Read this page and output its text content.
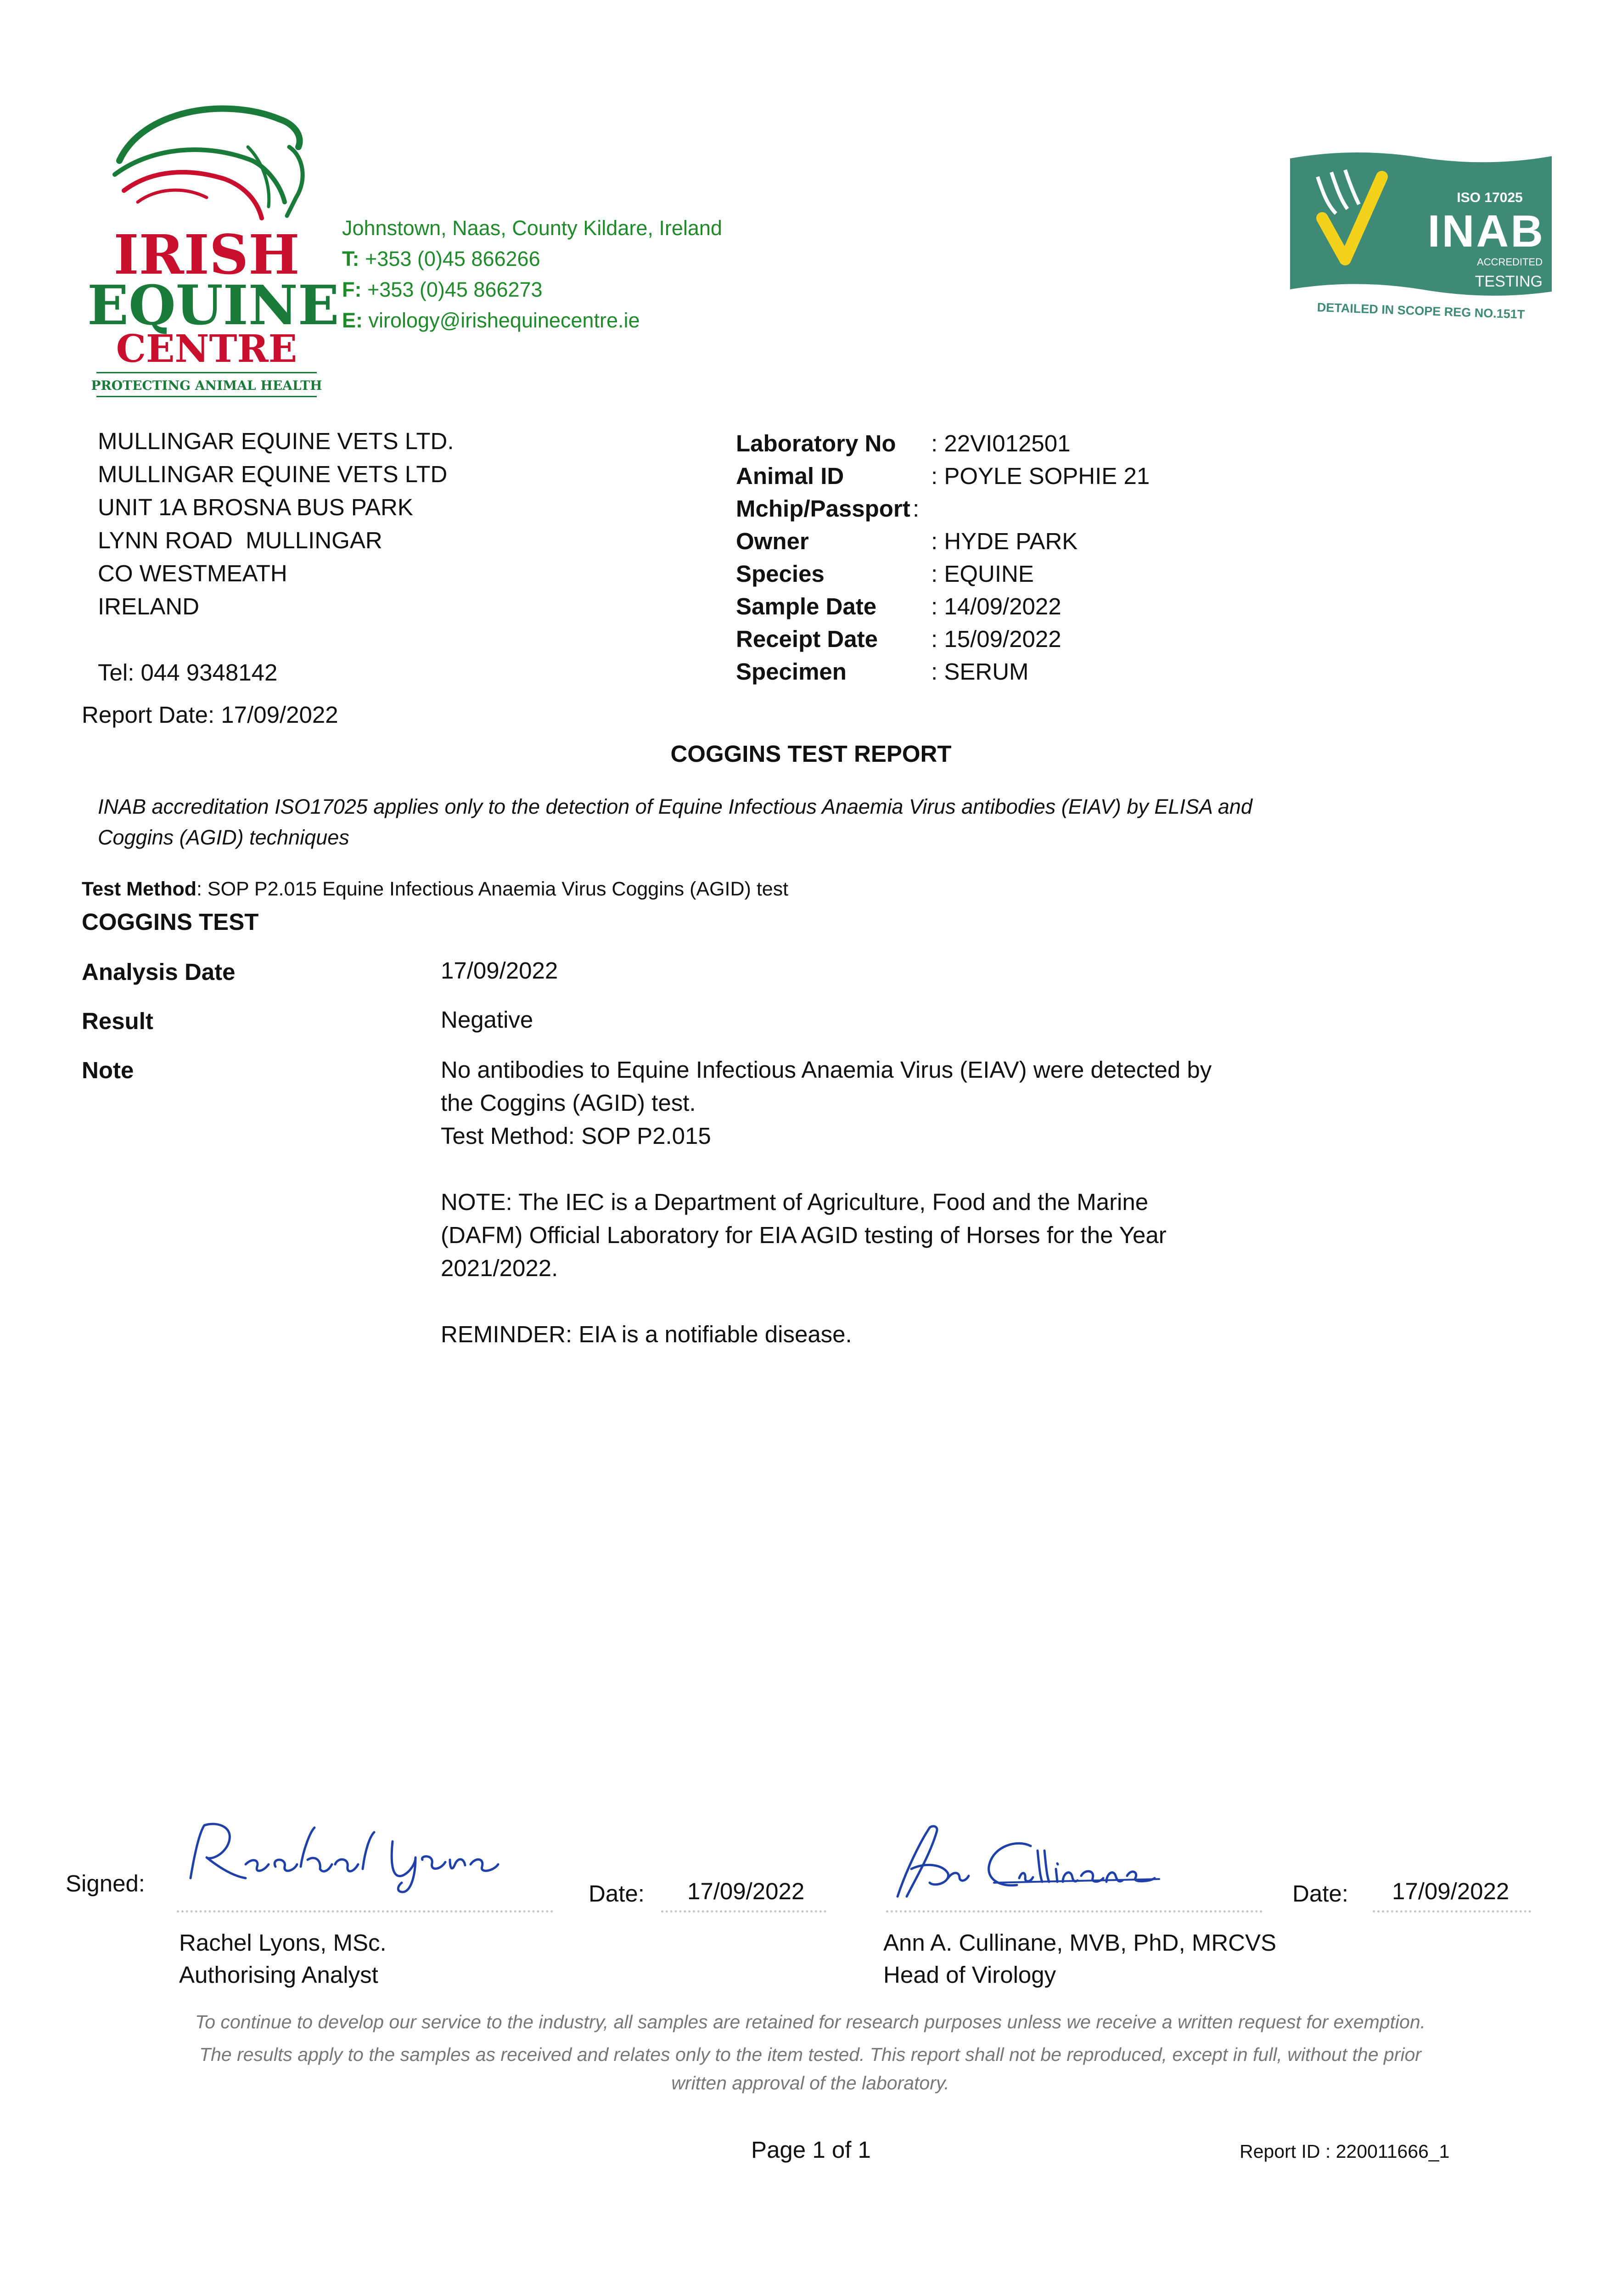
IRISH
EQUINE
CENTRE
PROTECTING ANIMAL HEALTH
Johnstown, Naas, County Kildare, Ireland
T: +353 (0)45 866266
F: +353 (0)45 866273
E: virology@irishequinecentre.ie
ISO 17025
INAB
ACCREDITED
TESTING
DETAILED IN SCOPE REG NO.151T
MULLINGAR EQUINE VETS LTD.
MULLINGAR EQUINE VETS LTD
UNIT 1A BROSNA BUS PARK
LYNN ROAD  MULLINGAR
CO WESTMEATH
IRELAND
Tel: 044 9348142
Laboratory No : 22VI012501
Animal ID	: POYLE SOPHIE 21
Mchip/Passport :
Owner	: HYDE PARK
Species	: EQUINE
Sample Date : 14/09/2022
Receipt Date : 15/09/2022
Specimen	: SERUM
Report Date: 17/09/2022
COGGINS TEST REPORT
INAB accreditation ISO17025 applies only to the detection of Equine Infectious Anaemia Virus antibodies (EIAV) by ELISA and
Coggins (AGID) techniques
Test Method: SOP P2.015 Equine Infectious Anaemia Virus Coggins (AGID) test
COGGINS TEST
Analysis Date	17/09/2022
Result	Negative
Note	No antibodies to Equine Infectious Anaemia Virus (EIAV) were detected by
the Coggins (AGID) test.
Test Method: SOP P2.015
NOTE: The IEC is a Department of Agriculture, Food and the Marine
(DAFM) Official Laboratory for EIA AGID testing of Horses for the Year
2021/2022.
REMINDER: EIA is a notifiable disease.
Signed:	Date: 17/09/2022
Rachel Lyons, MSc.
Authorising Analyst
Date: 17/09/2022
Ann A. Cullinane, MVB, PhD, MRCVS
Head of Virology
To continue to develop our service to the industry, all samples are retained for research purposes unless we receive a written request for exemption.
The results apply to the samples as received and relates only to the item tested. This report shall not be reproduced, except in full, without the prior
written approval of the laboratory.
Page 1 of 1	Report ID : 220011666_1
